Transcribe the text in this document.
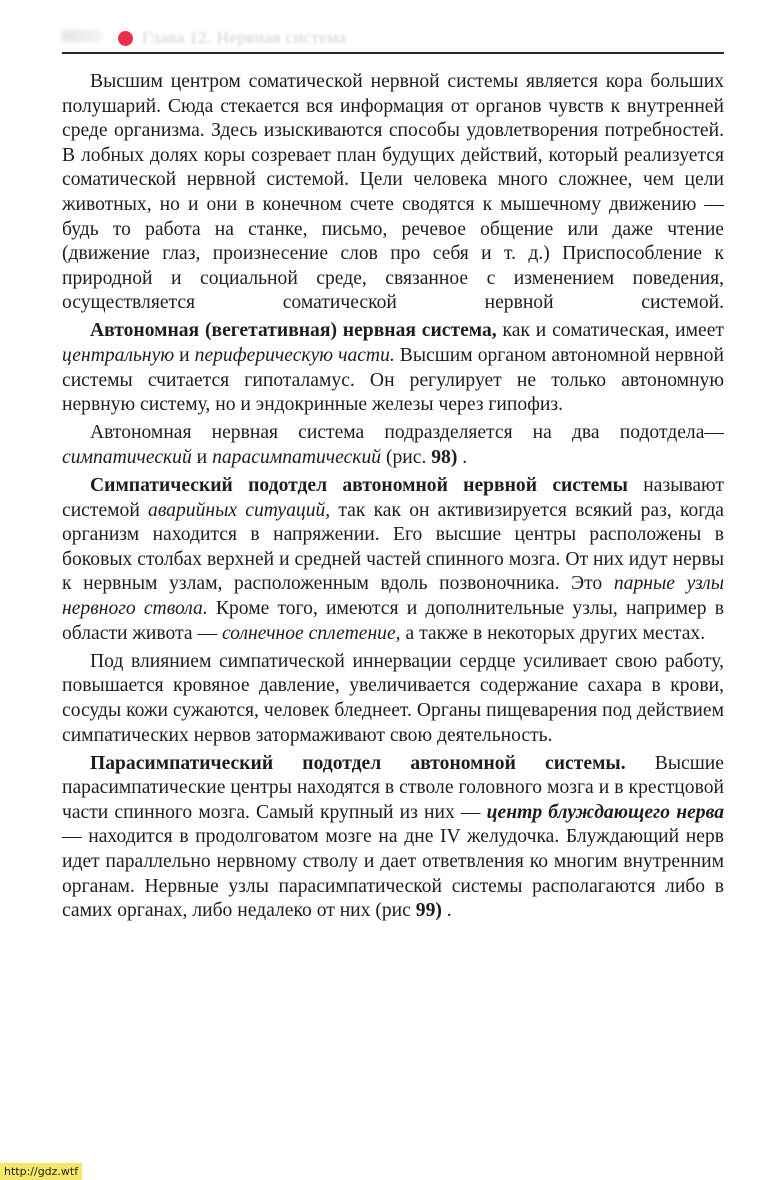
Глава 12. Нервная система

Высшим центром соматической нервной системы является кора больших полушарий. Сюда стекается вся информация от органов чувств к внутренней среде организма. Здесь изыскиваются способы удовлетворения потребностей. В лобных долях коры созревает план будущих действий, который реализуется соматической нервной системой. Цели человека много сложнее, чем цели животных, но и они в конечном счете сводятся к мышечному движению — будь то работа на станке, письмо, речевое общение или даже чтение (движение глаз, произнесение слов про себя и т. д.) Приспособление к природной и социальной среде, связанное с изменением поведения, осуществляется соматической нервной системой.

Автономная (вегетативная) нервная система, как и соматическая, имеет центральную и периферическую части. Высшим органом автономной нервной системы считается гипоталамус. Он регулирует не только автономную нервную систему, но и эндокринные железы через гипофиз.

Автономная нервная система подразделяется на два подотдела— симпатический и парасимпатический (рис. 98) .

Симпатический подотдел автономной нервной системы называют системой аварийных ситуаций, так как он активизируется всякий раз, когда организм находится в напряжении. Его высшие центры расположены в боковых столбах верхней и средней частей спинного мозга. От них идут нервы к нервным узлам, расположенным вдоль позвоночника. Это парные узлы нервного ствола. Кроме того, имеются и дополнительные узлы, например в области живота — солнечное сплетение, а также в некоторых других местах.

Под влиянием симпатической иннервации сердце усиливает свою работу, повышается кровяное давление, увеличивается содержание сахара в крови, сосуды кожи сужаются, человек бледнеет. Органы пищеварения под действием симпатических нервов затормаживают свою деятельность.

Парасимпатический подотдел автономной системы. Высшие парасимпатические центры находятся в стволе головного мозга и в крестцовой части спинного мозга. Самый крупный из них — центр блуждающего нерва — находится в продолговатом мозге на дне IV желудочка. Блуждающий нерв идет параллельно нервному стволу и дает ответвления ко многим внутренним органам. Нервные узлы парасимпатической системы располагаются либо в самих органах, либо недалеко от них (рис 99) .

http://gdz.wtf
